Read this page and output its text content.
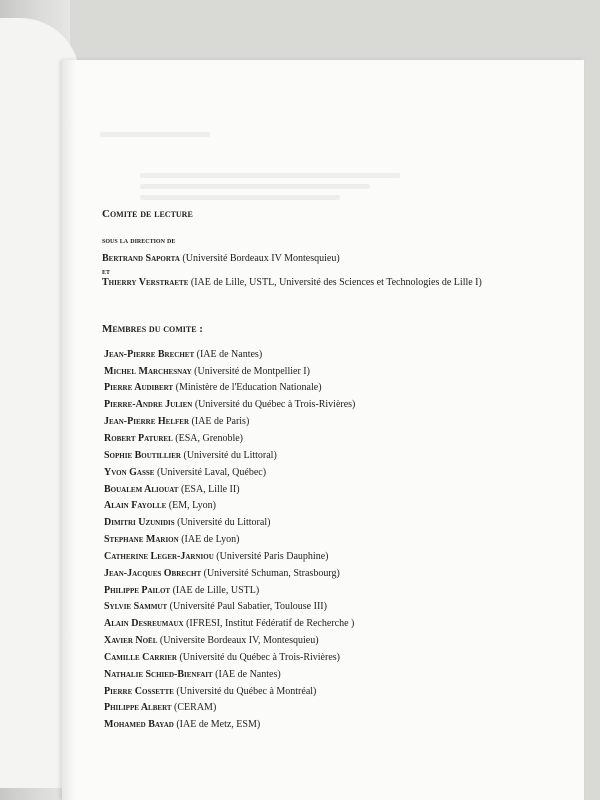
Comite de lecture
sous la direction de
Bertrand Saporta (Université Bordeaux IV Montesquieu)
et
Thierry Verstraete (IAE de Lille, USTL, Université des Sciences et Technologies de Lille I)
Membres du comite :
Jean-Pierre Brechet (IAE de Nantes)
Michel Marchesnay (Université de Montpellier I)
Pierre Audibert (Ministère de l'Education Nationale)
Pierre-Andre Julien (Université du Québec à Trois-Rivières)
Jean-Pierre Helfer (IAE de Paris)
Robert Paturel (ESA, Grenoble)
Sophie Boutillier (Université du Littoral)
Yvon Gasse (Université Laval, Québec)
Boualem Aliouat (ESA, Lille II)
Alain Fayolle (EM, Lyon)
Dimitri Uzunidis (Université du Littoral)
Stephane Marion (IAE de Lyon)
Catherine Leger-Jarniou (Université Paris Dauphine)
Jean-Jacques Obrecht (Université Schuman, Strasbourg)
Philippe Pailot (IAE de Lille, USTL)
Sylvie Sammut (Université Paul Sabatier, Toulouse III)
Alain Desreumaux (IFRESI, Institut Fédératif de Recherche )
Xavier Noël (Universite Bordeaux IV, Montesquieu)
Camille Carrier (Université du Québec à Trois-Rivières)
Nathalie Schied-Bienfait (IAE de Nantes)
Pierre Cossette (Université du Québec à Montréal)
Philippe Albert (CERAM)
Mohamed Bayad (IAE de Metz, ESM)
